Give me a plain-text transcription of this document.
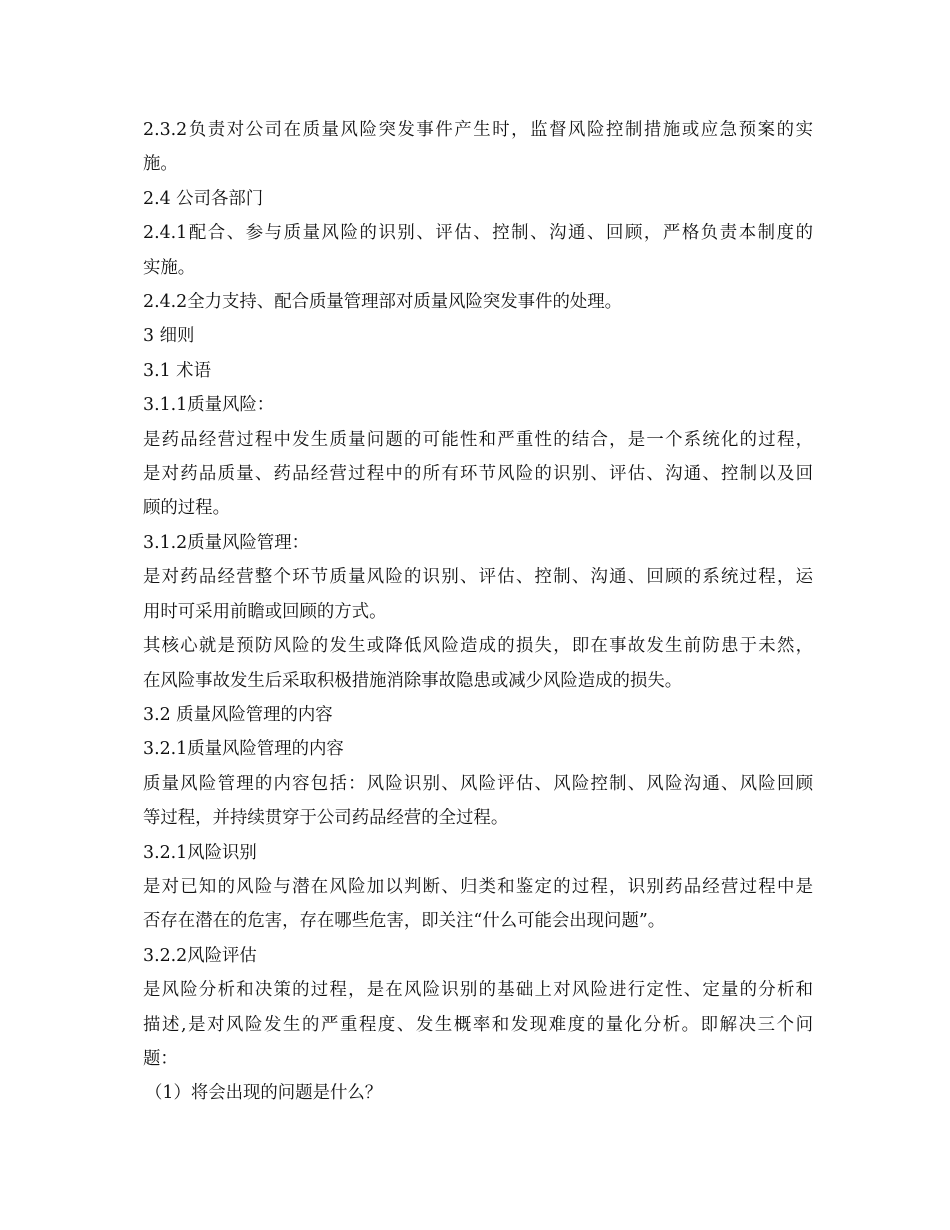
2.3.2负责对公司在质量风险突发事件产生时，监督风险控制措施或应急预案的实
施。
2.4 公司各部门
2.4.1配合、参与质量风险的识别、评估、控制、沟通、回顾，严格负责本制度的
实施。
2.4.2全力支持、配合质量管理部对质量风险突发事件的处理。
3 细则
3.1 术语
3.1.1质量风险：
是药品经营过程中发生质量问题的可能性和严重性的结合，是一个系统化的过程，
是对药品质量、药品经营过程中的所有环节风险的识别、评估、沟通、控制以及回
顾的过程。
3.1.2质量风险管理：
是对药品经营整个环节质量风险的识别、评估、控制、沟通、回顾的系统过程，运
用时可采用前瞻或回顾的方式。
其核心就是预防风险的发生或降低风险造成的损失，即在事故发生前防患于未然，
在风险事故发生后采取积极措施消除事故隐患或减少风险造成的损失。
3.2 质量风险管理的内容
3.2.1质量风险管理的内容
质量风险管理的内容包括：风险识别、风险评估、风险控制、风险沟通、风险回顾
等过程，并持续贯穿于公司药品经营的全过程。
3.2.1风险识别
是对已知的风险与潜在风险加以判断、归类和鉴定的过程，识别药品经营过程中是
否存在潜在的危害，存在哪些危害，即关注“什么可能会出现问题”。
3.2.2风险评估
是风险分析和决策的过程，是在风险识别的基础上对风险进行定性、定量的分析和
描述,是对风险发生的严重程度、发生概率和发现难度的量化分析。即解决三个问
题：
（1）将会出现的问题是什么？
